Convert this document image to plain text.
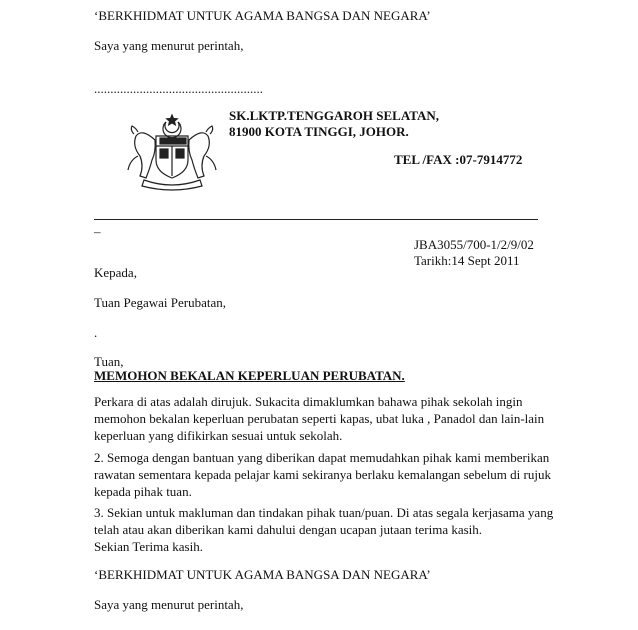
‘BERKHIDMAT UNTUK AGAMA BANGSA DAN NEGARA’
Saya yang menurut perintah,
....................................................
SK.LKTP.TENGGAROH SELATAN,
81900 KOTA TINGGI, JOHOR.
TEL /FAX :07-7914772
–
JBA3055/700-1/2/9/02
Tarikh:14 Sept 2011
Kepada,
Tuan Pegawai Perubatan,
.
Tuan,
MEMOHON BEKALAN KEPERLUAN PERUBATAN.
Perkara di atas adalah dirujuk. Sukacita dimaklumkan bahawa pihak sekolah ingin
memohon bekalan keperluan perubatan seperti kapas, ubat luka , Panadol dan lain-lain
keperluan yang difikirkan sesuai untuk sekolah.
2. Semoga dengan bantuan yang diberikan dapat memudahkan pihak kami memberikan
rawatan sementara kepada pelajar kami sekiranya berlaku kemalangan sebelum di rujuk
kepada pihak tuan.
3. Sekian untuk makluman dan tindakan pihak tuan/puan. Di atas segala kerjasama yang
telah atau akan diberikan kami dahului dengan ucapan jutaan terima kasih.
Sekian Terima kasih.
‘BERKHIDMAT UNTUK AGAMA BANGSA DAN NEGARA’
Saya yang menurut perintah,
